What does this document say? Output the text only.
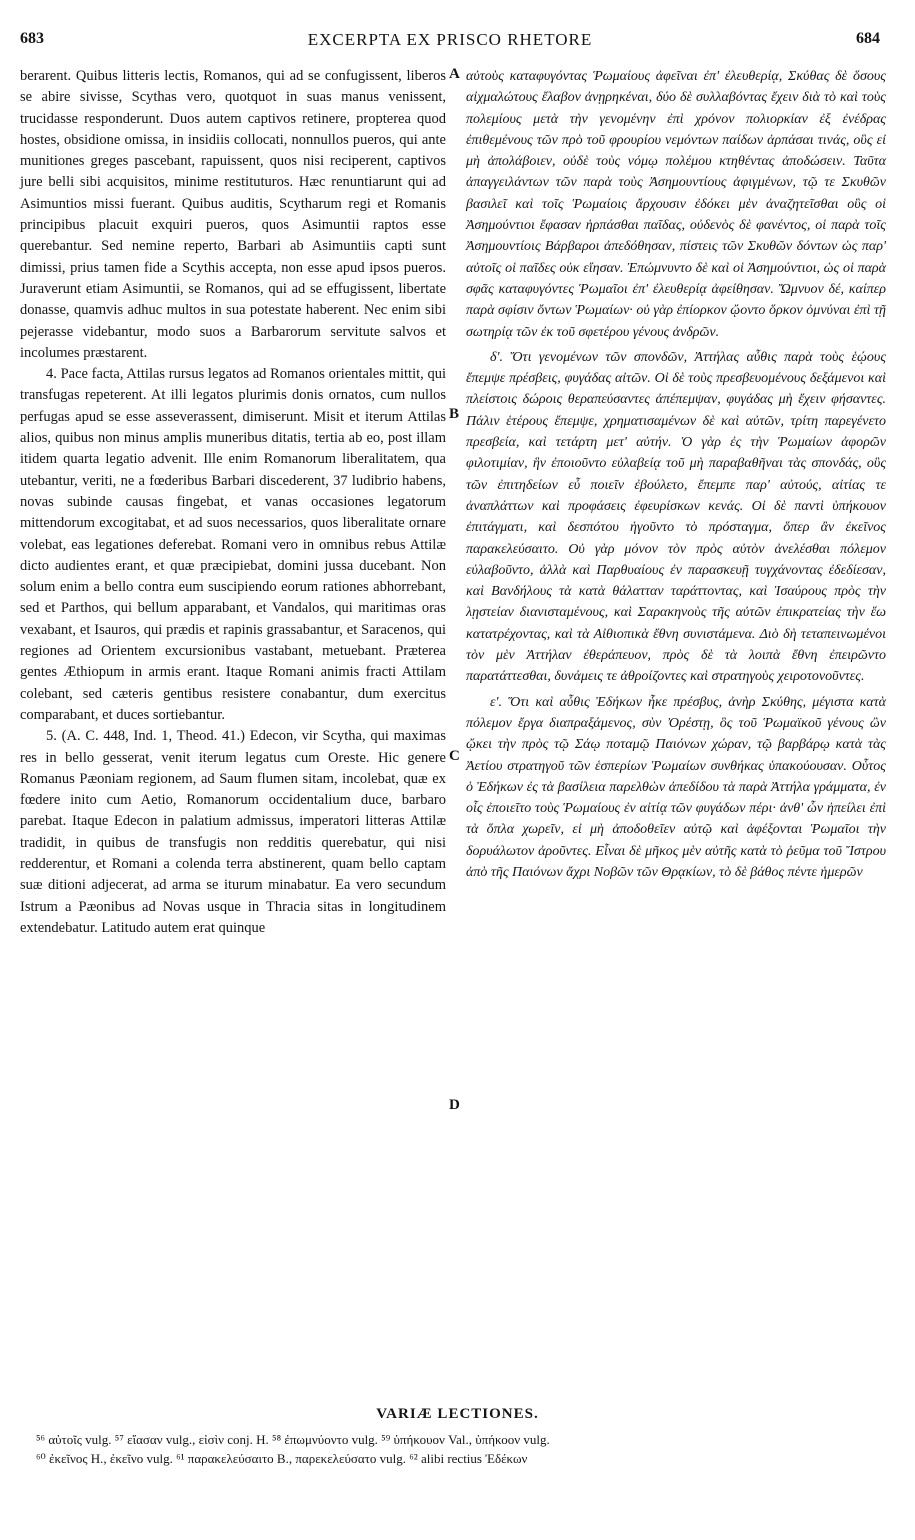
683	EXCERPTA EX PRISCO RHETORE	684

berarent. Quibus litteris lectis, Romanos, qui ad se confugissent, liberos se abire sivisse, Scythas vero, quotquot in suas manus venissent, trucidasse responderunt. Duos autem captivos retinere, propterea quod hostes, obsidione omissa, in insidiis collocati, nonnullos pueros, qui ante munitiones greges pascebant, rapuissent, quos nisi reciperent, captivos jure belli sibi acquisitos, minime restituturos. Hæc renuntiarunt qui ad Asimuntios missi fuerant. Quibus auditis, Scytharum regi et Romanis principibus placuit exquiri pueros, quos Asimuntii raptos esse querebantur. Sed nemine reperto, Barbari ab Asimuntiis capti sunt dimissi, prius tamen fide a Scythis accepta, non esse apud ipsos pueros. Juraverunt etiam Asimuntii, se Romanos, qui ad se effugissent, libertate donasse, quamvis adhuc multos in sua potestate haberent. Nec enim sibi pejerasse videbantur, modo suos a Barbarorum servitute salvos et incolumes præstarent.

4. Pace facta, Attilas rursus legatos ad Romanos orientales mittit, qui transfugas repeterent. At illi legatos plurimis donis ornatos, cum nullos perfugas apud se esse asseverassent, dimiserunt. Misit et iterum Attilas alios, quibus non minus amplis muneribus ditatis, tertia ab eo, post illam itidem quarta legatio advenit. Ille enim Romanorum liberalitatem, qua utebantur, veriti, ne a fœderibus Barbari discederent, 37 ludibrio habens, novas subinde causas fingebat, et vanas occasiones legatorum mittendorum excogitabat, et ad suos necessarios, quos liberalitate ornare volebat, eas legationes deferebat. Romani vero in omnibus rebus Attilæ dicto audientes erant, et quæ præcipiebat, domini jussa ducebant. Non solum enim a bello contra eum suscipiendo eorum rationes abhorrebant, sed et Parthos, qui bellum apparabant, et Vandalos, qui maritimas oras vexabant, et Isauros, qui prædis et rapinis grassabantur, et Saracenos, qui regiones ad Orientem excursionibus vastabant, metuebant. Præterea gentes Æthiopum in armis erant. Itaque Romani animis fracti Attilam colebant, sed cæteris gentibus resistere conabantur, dum exercitus comparabant, et duces sortiebantur.

5. (A. C. 448, Ind. 1, Theod. 41.) Edecon, vir Scytha, qui maximas res in bello gesserat, venit iterum legatus cum Oreste. Hic genere Romanus Pæoniam regionem, ad Saum flumen sitam, incolebat, quæ ex fœdere inito cum Aetio, Romanorum occidentalium duce, barbaro parebat. Itaque Edecon in palatium admissus, imperatori litteras Attilæ tradidit, in quibus de transfugis non redditis querebatur, qui nisi redderentur, et Romani a colenda terra abstinerent, quam bello captam suæ ditioni adjecerat, ad arma se iturum minabatur. Ea vero secundum Istrum a Pæonibus ad Novas usque in Thracia sitas in longitudinem extendebatur. Latitudo autem erat quinque

A
B
C
D

αὐτοὺς καταφυγόντας Ῥωμαίους ἀφεῖναι ἐπ' ἐλευθερίᾳ, Σκύθας δὲ ὅσους αἰχμαλώτους ἔλαβον ἀνῃρηκέναι, δύο δὲ συλλαβόντας ἔχειν διὰ τὸ καὶ τοὺς πολεμίους μετὰ τὴν γενομένην ἐπὶ χρόνον πολιορκίαν ἐξ ἐνέδρας ἐπιθεμένους τῶν πρὸ τοῦ φρουρίου νεμόντων παίδων ἁρπάσαι τινάς, οὓς εἰ μὴ ἀπολάβοιεν, οὐδὲ τοὺς νόμῳ πολέμου κτηθέντας ἀποδώσειν. Ταῦτα ἀπαγγειλάντων τῶν παρὰ τοὺς Ἀσημουντίους ἀφιγμένων, τῷ τε Σκυθῶν βασιλεῖ καὶ τοῖς Ῥωμαίοις ἄρχουσιν ἐδόκει μὲν ἀναζητεῖσθαι οὓς οἱ Ἀσημούντιοι ἔφασαν ἡρπάσθαι παῖδας, οὐδενὸς δὲ φανέντος, οἱ παρὰ τοῖς Ἀσημουντίοις Βάρβαροι ἀπεδόθησαν, πίστεις τῶν Σκυθῶν δόντων ὡς παρ' αὐτοῖς οἱ παῖδες οὐκ εἴησαν. Ἐπώμνυντο δὲ καὶ οἱ Ἀσημούντιοι, ὡς οἱ παρὰ σφᾶς καταφυγόντες Ῥωμαῖοι ἐπ' ἐλευθερίᾳ ἀφείθησαν. Ὤμνυον δέ, καίπερ παρὰ σφίσιν ὄντων Ῥωμαίων· οὐ γὰρ ἐπίορκον ᾤοντο ὅρκον ὀμνύναι ἐπὶ τῇ σωτηρίᾳ τῶν ἐκ τοῦ σφετέρου γένους ἀνδρῶν.

δ'. Ὅτι γενομένων τῶν σπονδῶν, Ἀττήλας αὖθις παρὰ τοὺς ἑῴους ἔπεμψε πρέσβεις, φυγάδας αἰτῶν. Οἱ δὲ τοὺς πρεσβευομένους δεξάμενοι καὶ πλείστοις δώροις θεραπεύσαντες ἀπέπεμψαν, φυγάδας μὴ ἔχειν φήσαντες. Πάλιν ἑτέρους ἔπεμψε, χρηματισαμένων δὲ καὶ αὐτῶν, τρίτη παρεγένετο πρεσβεία, καὶ τετάρτη μετ' αὐτήν. Ὁ γὰρ ἐς τὴν Ῥωμαίων ἀφορῶν φιλοτιμίαν, ἣν ἐποιοῦντο εὐλαβείᾳ τοῦ μὴ παραβαθῆναι τὰς σπονδάς, οὓς τῶν ἐπιτηδείων εὖ ποιεῖν ἐβούλετο, ἔπεμπε παρ' αὐτούς, αἰτίας τε ἀναπλάττων καὶ προφάσεις ἐφευρίσκων κενάς. Οἱ δὲ παντὶ ὑπήκουον ἐπιτάγματι, καὶ δεσπότου ἡγοῦντο τὸ πρόσταγμα, ὅπερ ἂν ἐκεῖνος παρακελεύσαιτο. Οὐ γὰρ μόνον τὸν πρὸς αὐτὸν ἀνελέσθαι πόλεμον εὐλαβοῦντο, ἀλλὰ καὶ Παρθυαίους ἐν παρασκευῇ τυγχάνοντας ἐδεδίεσαν, καὶ Βανδήλους τὰ κατὰ θάλατταν ταράττοντας, καὶ Ἰσαύρους πρὸς τὴν λῃστείαν διανισταμένους, καὶ Σαρακηνοὺς τῆς αὐτῶν ἐπικρατείας τὴν ἕω κατατρέχοντας, καὶ τὰ Αἰθιοπικὰ ἔθνη συνιστάμενα. Διὸ δὴ τεταπεινωμένοι τὸν μὲν Ἀττήλαν ἐθεράπευον, πρὸς δὲ τὰ λοιπὰ ἔθνη ἐπειρῶντο παρατάττεσθαι, δυνάμεις τε ἀθροίζοντες καὶ στρατηγοὺς χειροτονοῦντες.

ε'. Ὅτι καὶ αὖθις Ἐδήκων ἧκε πρέσβυς, ἀνὴρ Σκύθης, μέγιστα κατὰ πόλεμον ἔργα διαπραξάμενος, σὺν Ὀρέστῃ, ὃς τοῦ Ῥωμαϊκοῦ γένους ὢν ᾤκει τὴν πρὸς τῷ Σάῳ ποταμῷ Παιόνων χώραν, τῷ βαρβάρῳ κατὰ τὰς Ἀετίου στρατηγοῦ τῶν ἑσπερίων Ῥωμαίων συνθήκας ὑπακούουσαν. Οὗτος ὁ Ἐδήκων ἐς τὰ βασίλεια παρελθὼν ἀπεδίδου τὰ παρὰ Ἀττήλα γράμματα, ἐν οἷς ἐποιεῖτο τοὺς Ῥωμαίους ἐν αἰτίᾳ τῶν φυγάδων πέρι· ἀνθ' ὧν ἠπείλει ἐπὶ τὰ ὅπλα χωρεῖν, εἰ μὴ ἀποδοθεῖεν αὐτῷ καὶ ἀφέξονται Ῥωμαῖοι τὴν δορυάλωτον ἀροῦντες. Εἶναι δὲ μῆκος μὲν αὐτῆς κατὰ τὸ ῥεῦμα τοῦ Ἴστρου ἀπὸ τῆς Παιόνων ἄχρι Νοβῶν τῶν Θρᾳκίων, τὸ δὲ βάθος πέντε ἡμερῶν

VARIÆ LECTIONES.
⁵⁶ αὐτοῖς vulg. ⁵⁷ εἴασαν vulg., εἰσὶν conj. H. ⁵⁸ ἐπωμνύοντο vulg. ⁵⁹ ὑπήκουον Val., ὑπήκοον vulg.
⁶⁰ ἐκεῖνος H., ἐκεῖνο vulg. ⁶¹ παρακελεύσαιτο B., παρεκελεύσατο vulg. ⁶² alibi rectius Ἐδέκων
